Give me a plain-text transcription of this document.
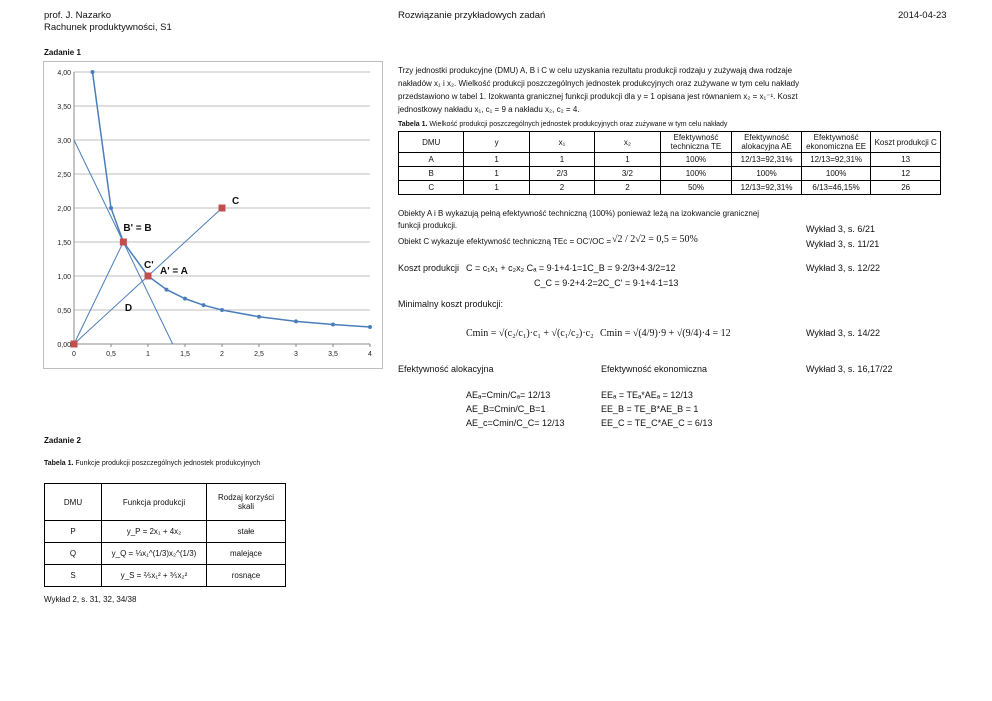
prof. J. Nazarko
Rachunek produktywności, S1
Rozwiązanie przykładowych zadań	2014-04-23
Zadanie 1
0,00
0,50
1,00
1,50
2,00
2,50
3,00
3,50
4,00
0	0,5	1	1,5	2	2,5	3	3,5	4
C
B' = B
C'
A' = A
D
Trzy jednostki produkcyjne (DMU) A, B i C w celu uzyskania rezultatu produkcji rodzaju y zużywają dwa rodzaje
nakładów x₁ i x₂. Wielkość produkcji poszczególnych jednostek produkcyjnych oraz zużywane w tym celu nakłady
przedstawiono w tabel 1. Izokwanta granicznej funkcji produkcji dla y = 1 opisana jest równaniem x₂ = x₁⁻¹. Koszt
jednostkowy nakładu x₁, c₁ = 9 a nakładu x₂, c₂ = 4.
Tabela 1. Wielkość produkcji poszczególnych jednostek produkcyjnych oraz zużywane w tym celu nakłady
DMU	y	x₁	x₂	Efektywność techniczna TE	Efektywność alokacyjna AE	Efektywność ekonomiczna EE	Koszt produkcji C
A	1	1	1	100%	12/13=92,31%	12/13=92,31%	13
B	1	2/3	3/2	100%	100%	100%	12
C	1	2	2	50%	12/13=92,31%	6/13=46,15%	26
Obiekty A i B wykazują pełną efektywność techniczną (100%) ponieważ leżą na izokwancie granicznej
funkcji produkcji.
Obiekt C wykazuje efektywność techniczną TEc = OC'/OC = √2 / 2√2 = 0,5 = 50%
Koszt produkcji C = c₁x₁ + c₂x₂ Cₐ = 9∙1+4∙1=1C_B = 9∙2/3+4∙3/2=12
C_C = 9∙2+4∙2=2C_C' = 9∙1+4∙1=13
Minimalny koszt produkcji:
Cmin = √(c₂/c₁)·c₁ + √(c₁/c₂)·c₂ Cmin = √(4/9)·9 + √(9/4)·4 = 12
Efektywność alokacyjna	Efektywność ekonomiczna
AEₐ=Cmin/Cₐ= 12/13
AE_B=Cmin/C_B=1
AE_c=Cmin/C_C= 12/13
EEₐ = TEₐ*AEₐ = 12/13
EE_B = TE_B*AE_B = 1
EE_C = TE_C*AE_C = 6/13
Wykład 3, s. 6/21
Wykład 3, s. 11/21
Wykład 3, s. 12/22
Wykład 3, s. 14/22
Wykład 3, s. 16,17/22
Zadanie 2
Tabela 1. Funkcje produkcji poszczególnych jednostek produkcyjnych
DMU	Funkcja produkcji	Rodzaj korzyści skali
P	y_P = 2x₁ + 4x₂	stałe
Q	y_Q = ⅓x₁^(1/3)x₂^(1/3)	malejące
S	y_S = ⅖x₁² + ⅗x₂²	rosnące
Wykład 2, s. 31, 32, 34/38
